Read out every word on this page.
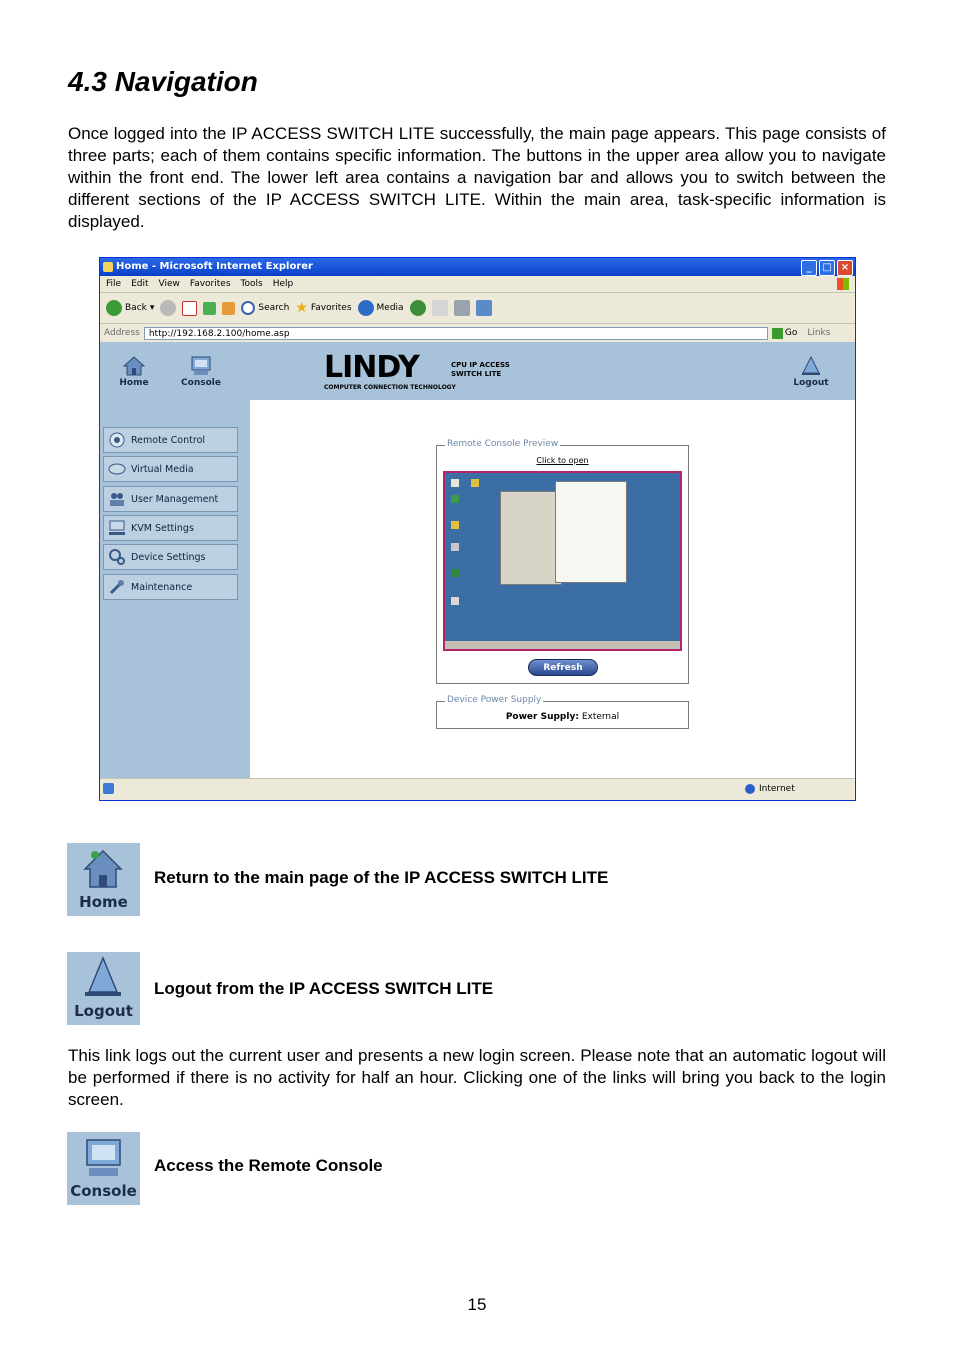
4.3 Navigation

Once logged into the IP ACCESS SWITCH LITE successfully, the main page appears. This page consists of three parts; each of them contains specific information. The buttons in the upper area allow you to navigate within the front end. The lower left area contains a navigation bar and allows you to switch between the different sections of the IP ACCESS SWITCH LITE. Within the main area, task-specific information is displayed.

Home - Microsoft Internet Explorer	_	□ ×
File Edit View Favorites Tools Help
Back ▾	Search ★ Favorites	Media
Address	http://192.168.2.100/home.asp	Go Links
Home	Console	LINDY
COMPUTER CONNECTION TECHNOLOGY
CPU IP ACCESS
SWITCH LITE
Logout
Remote Control
Virtual Media
User Management
KVM Settings
Device Settings
Maintenance
Remote Console Preview
Click to open
Refresh
Device Power Supply
Power Supply: External
Internet
Home
Return to the main page of the IP ACCESS SWITCH LITE
Logout
Logout from the IP ACCESS SWITCH LITE

This link logs out the current user and presents a new login screen. Please note that an automatic logout will be performed if there is no activity for half an hour. Clicking one of the links will bring you back to the login screen.

Console
Access the Remote Console
15
